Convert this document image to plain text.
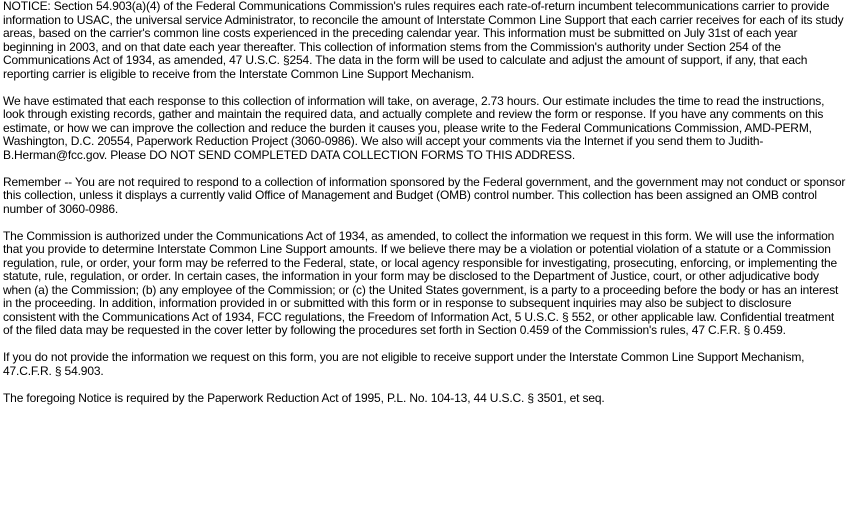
NOTICE: Section 54.903(a)(4) of the Federal Communications Commission's rules requires each rate-of-return incumbent telecommunications carrier to provide information to USAC, the universal service Administrator, to reconcile the amount of Interstate Common Line Support that each carrier receives for each of its study areas, based on the carrier's common line costs experienced in the preceding calendar year. This information must be submitted on July 31st of each year beginning in 2003, and on that date each year thereafter. This collection of information stems from the Commission's authority under Section 254 of the Communications Act of 1934, as amended, 47 U.S.C. §254. The data in the form will be used to calculate and adjust the amount of support, if any, that each reporting carrier is eligible to receive from the Interstate Common Line Support Mechanism.

We have estimated that each response to this collection of information will take, on average, 2.73 hours. Our estimate includes the time to read the instructions, look through existing records, gather and maintain the required data, and actually complete and review the form or response. If you have any comments on this estimate, or how we can improve the collection and reduce the burden it causes you, please write to the Federal Communications Commission, AMD-PERM, Washington, D.C. 20554, Paperwork Reduction Project (3060-0986). We also will accept your comments via the Internet if you send them to Judith-B.Herman@fcc.gov. Please DO NOT SEND COMPLETED DATA COLLECTION FORMS TO THIS ADDRESS.

Remember -- You are not required to respond to a collection of information sponsored by the Federal government, and the government may not conduct or sponsor this collection, unless it displays a currently valid Office of Management and Budget (OMB) control number. This collection has been assigned an OMB control number of 3060-0986.

The Commission is authorized under the Communications Act of 1934, as amended, to collect the information we request in this form. We will use the information that you provide to determine Interstate Common Line Support amounts. If we believe there may be a violation or potential violation of a statute or a Commission regulation, rule, or order, your form may be referred to the Federal, state, or local agency responsible for investigating, prosecuting, enforcing, or implementing the statute, rule, regulation, or order. In certain cases, the information in your form may be disclosed to the Department of Justice, court, or other adjudicative body when (a) the Commission; (b) any employee of the Commission; or (c) the United States government, is a party to a proceeding before the body or has an interest in the proceeding. In addition, information provided in or submitted with this form or in response to subsequent inquiries may also be subject to disclosure consistent with the Communications Act of 1934, FCC regulations, the Freedom of Information Act, 5 U.S.C. § 552, or other applicable law. Confidential treatment of the filed data may be requested in the cover letter by following the procedures set forth in Section 0.459 of the Commission's rules, 47 C.F.R. § 0.459.

If you do not provide the information we request on this form, you are not eligible to receive support under the Interstate Common Line Support Mechanism, 47.C.F.R. § 54.903.

The foregoing Notice is required by the Paperwork Reduction Act of 1995, P.L. No. 104-13, 44 U.S.C. § 3501, et seq.
